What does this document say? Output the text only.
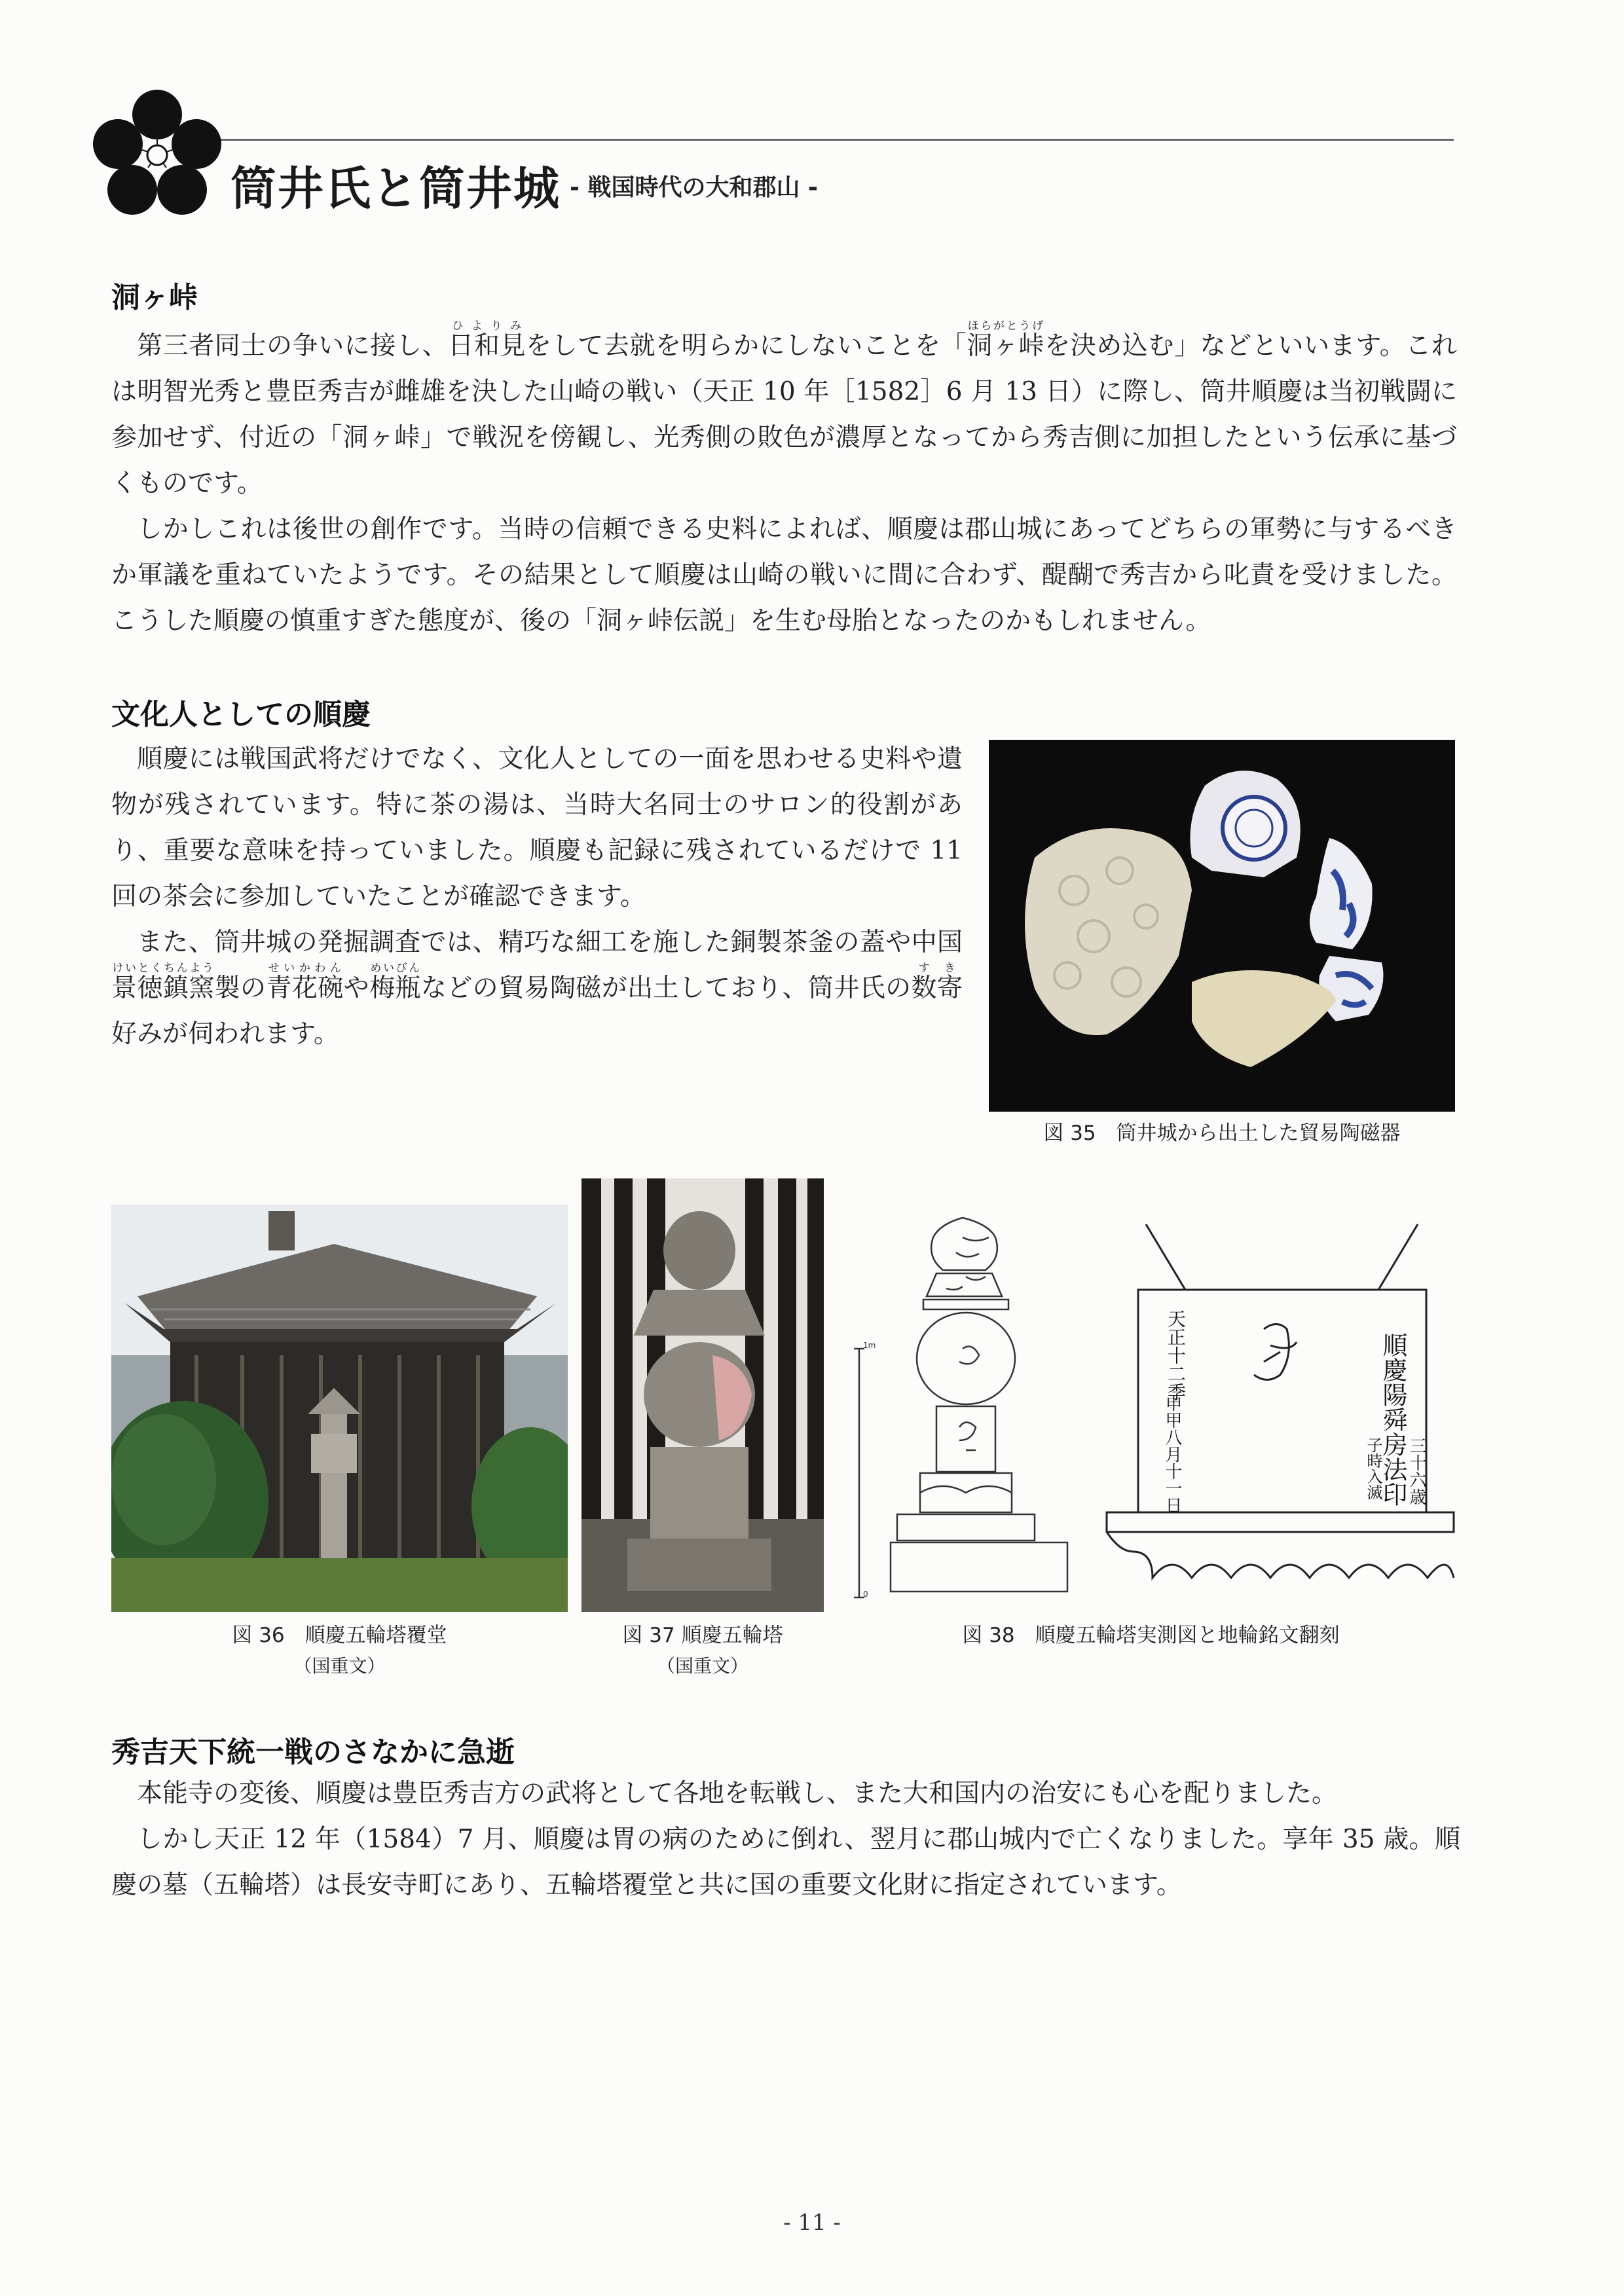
筒井氏と筒井城 - 戦国時代の大和郡山 -
洞ヶ峠

第三者同士の争いに接し、日和見ひよりみをして去就を明らかにしないことを「洞ヶ峠ほらがとうげを決め込む」などといいます。これは明智光秀と豊臣秀吉が雌雄を決した山崎の戦い（天正 10 年［1582］6 月 13 日）に際し、筒井順慶は当初戦闘に参加せず、付近の「洞ヶ峠」で戦況を傍観し、光秀側の敗色が濃厚となってから秀吉側に加担したという伝承に基づくものです。

しかしこれは後世の創作です。当時の信頼できる史料によれば、順慶は郡山城にあってどちらの軍勢に与するべきか軍議を重ねていたようです。その結果として順慶は山崎の戦いに間に合わず、醍醐で秀吉から叱責を受けました。こうした順慶の慎重すぎた態度が、後の「洞ヶ峠伝説」を生む母胎となったのかもしれません。

文化人としての順慶

順慶には戦国武将だけでなく、文化人としての一面を思わせる史料や遺物が残されています。特に茶の湯は、当時大名同士のサロン的役割があり、重要な意味を持っていました。順慶も記録に残されているだけで 11 回の茶会に参加していたことが確認できます。

また、筒井城の発掘調査では、精巧な細工を施した銅製茶釜の蓋や中国景徳鎮窯けいとくちんよう製の青花碗せいかわんや梅瓶めいびんなどの貿易陶磁が出土しており、筒井氏の数寄すき好みが伺われます。

図 35　筒井城から出土した貿易陶磁器
図 36　順慶五輪塔覆堂
（国重文）
図 37 順慶五輪塔
（国重文）
順慶陽舜房法印 三十六歳
子時入滅
天正十二季
申甲八月十一日
1m
0
図 38　順慶五輪塔実測図と地輪銘文翻刻
秀吉天下統一戦のさなかに急逝

本能寺の変後、順慶は豊臣秀吉方の武将として各地を転戦し、また大和国内の治安にも心を配りました。

しかし天正 12 年（1584）7 月、順慶は胃の病のために倒れ、翌月に郡山城内で亡くなりました。享年 35 歳。順慶の墓（五輪塔）は長安寺町にあり、五輪塔覆堂と共に国の重要文化財に指定されています。

- 11 -
